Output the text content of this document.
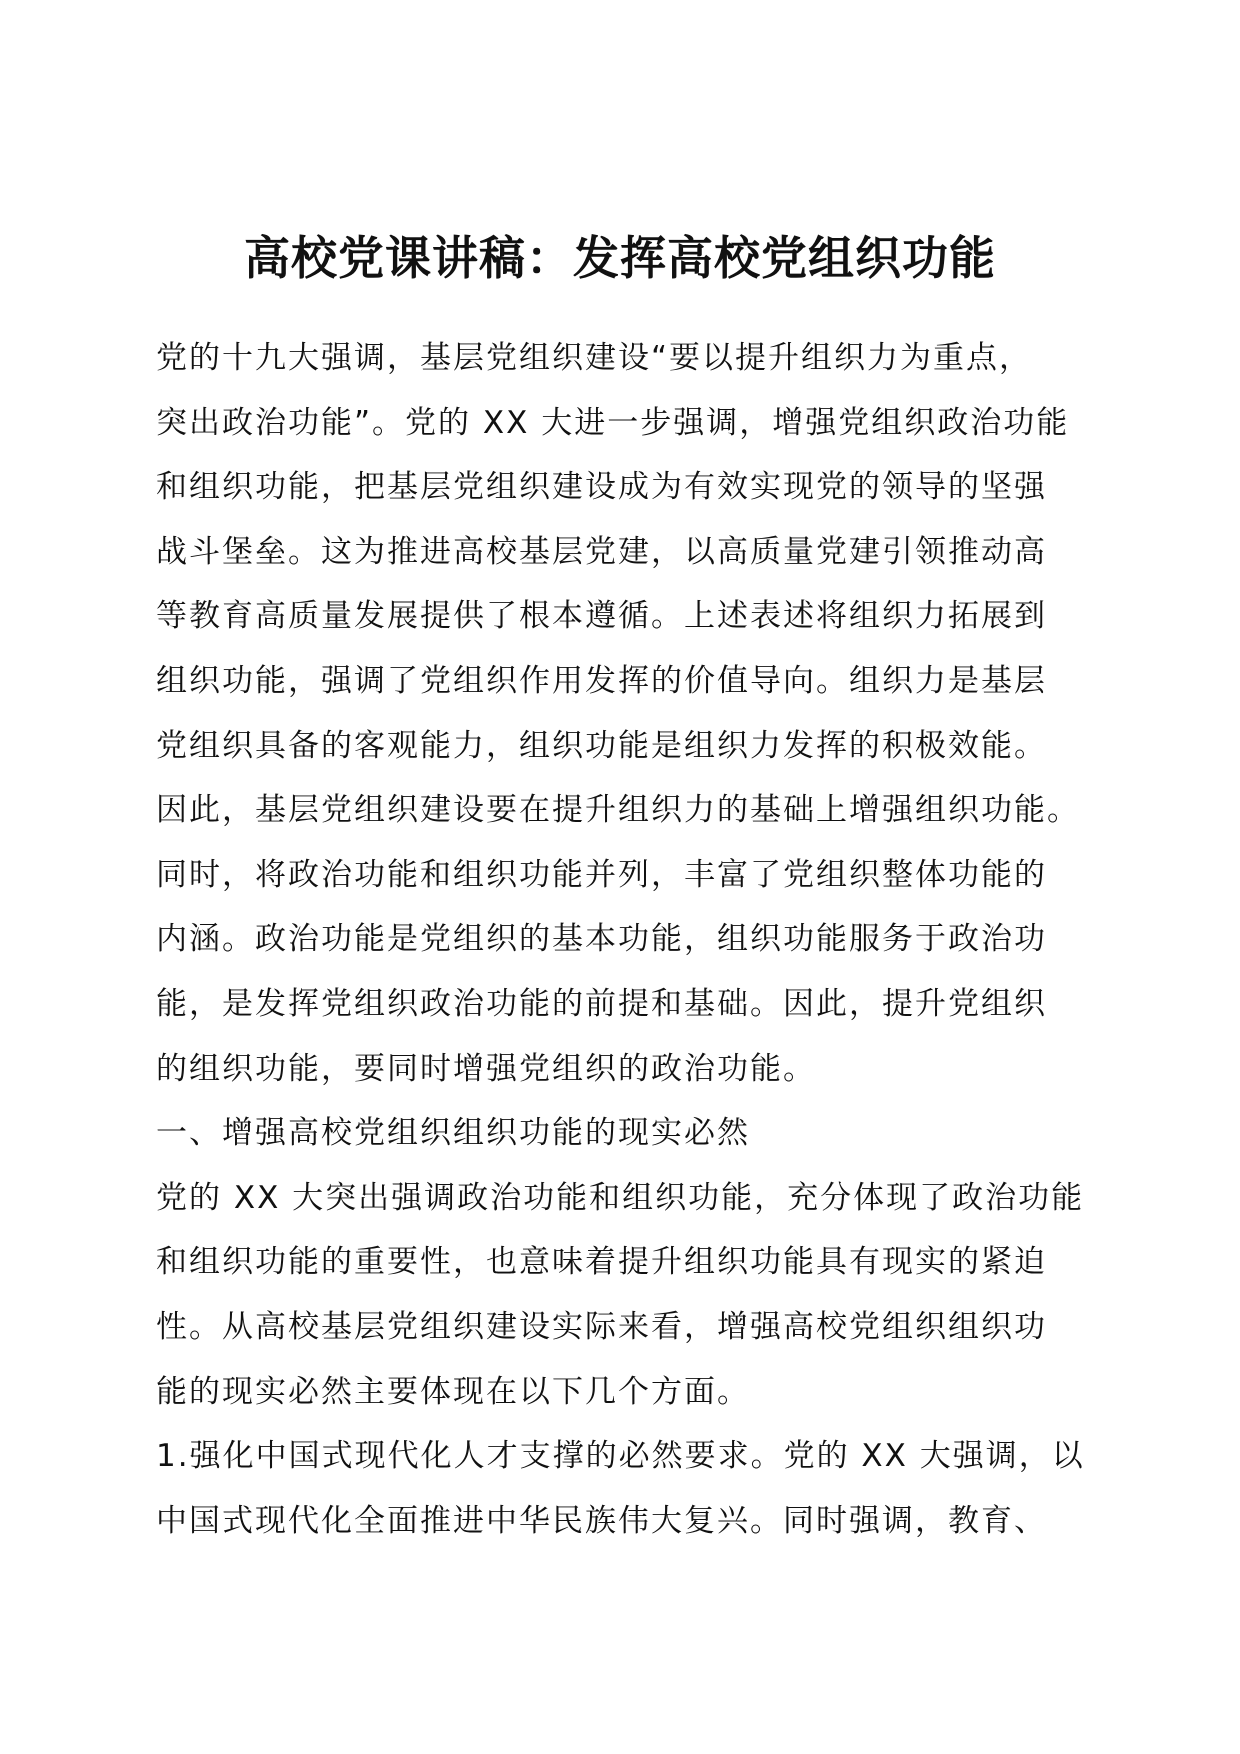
高校党课讲稿：发挥高校党组织功能
党的十九大强调，基层党组织建设“要以提升组织力为重点，
突出政治功能”。党的 XX 大进一步强调，增强党组织政治功能
和组织功能，把基层党组织建设成为有效实现党的领导的坚强
战斗堡垒。这为推进高校基层党建，以高质量党建引领推动高
等教育高质量发展提供了根本遵循。上述表述将组织力拓展到
组织功能，强调了党组织作用发挥的价值导向。组织力是基层
党组织具备的客观能力，组织功能是组织力发挥的积极效能。
因此，基层党组织建设要在提升组织力的基础上增强组织功能。
同时，将政治功能和组织功能并列，丰富了党组织整体功能的
内涵。政治功能是党组织的基本功能，组织功能服务于政治功
能，是发挥党组织政治功能的前提和基础。因此，提升党组织
的组织功能，要同时增强党组织的政治功能。
一、增强高校党组织组织功能的现实必然
党的 XX 大突出强调政治功能和组织功能，充分体现了政治功能
和组织功能的重要性，也意味着提升组织功能具有现实的紧迫
性。从高校基层党组织建设实际来看，增强高校党组织组织功
能的现实必然主要体现在以下几个方面。
1.强化中国式现代化人才支撑的必然要求。党的 XX 大强调，以
中国式现代化全面推进中华民族伟大复兴。同时强调，教育、
